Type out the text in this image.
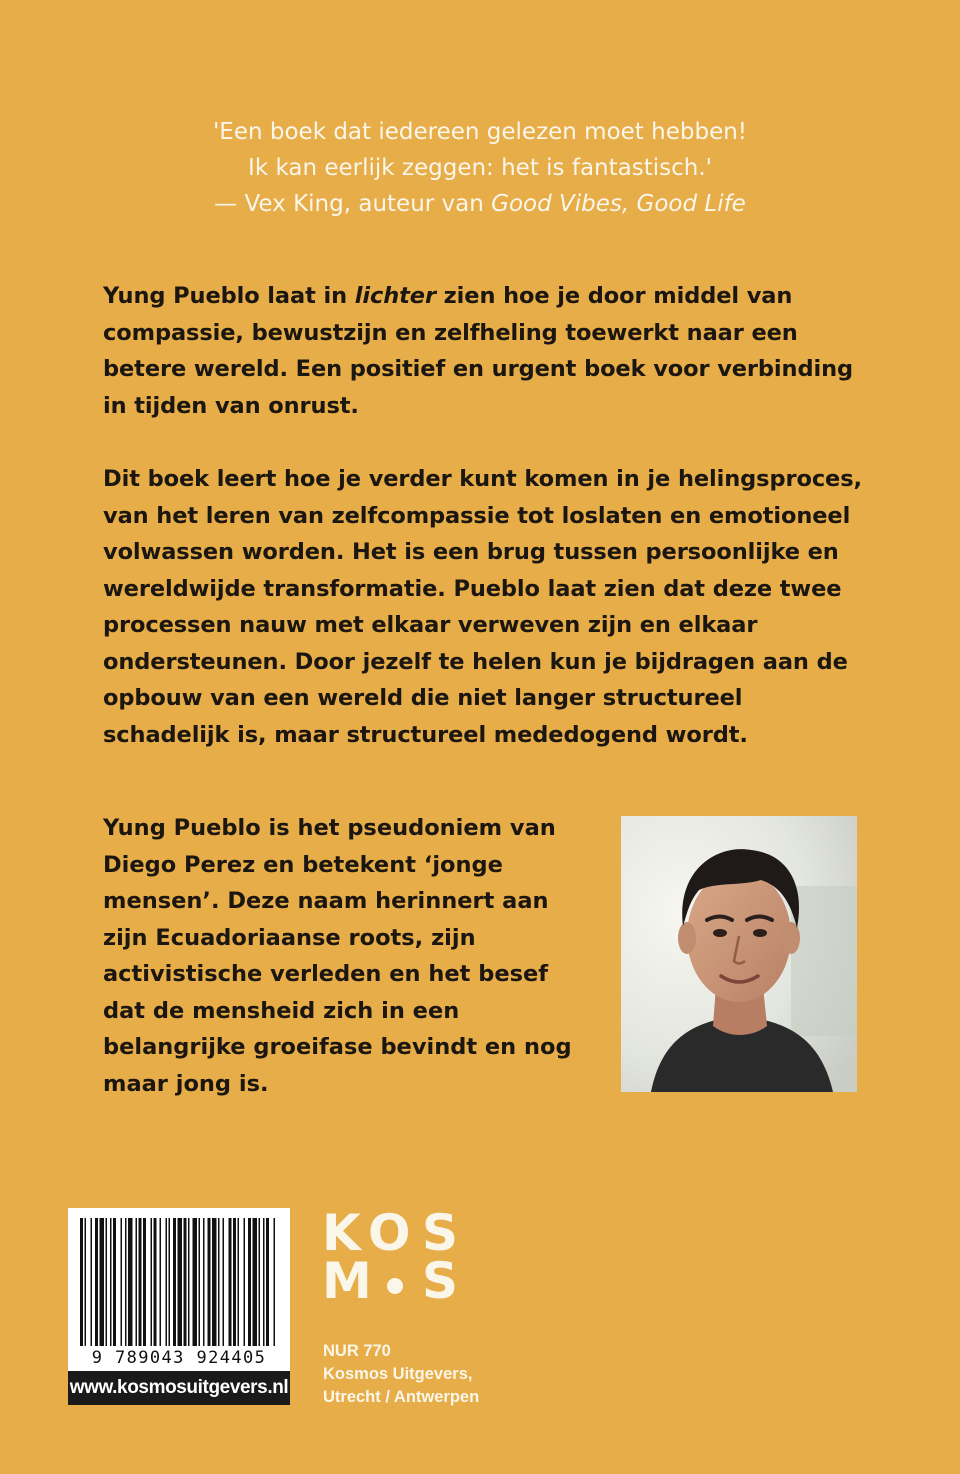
'Een boek dat iedereen gelezen moet hebben!
Ik kan eerlijk zeggen: het is fantastisch.'
— Vex King, auteur van Good Vibes, Good Life
Yung Pueblo laat in lichter zien hoe je door middel van compassie, bewustzijn en zelfheling toewerkt naar een betere wereld. Een positief en urgent boek voor verbinding in tijden van onrust.
Dit boek leert hoe je verder kunt komen in je helingsproces, van het leren van zelfcompassie tot loslaten en emotioneel volwassen worden. Het is een brug tussen persoonlijke en wereldwijde transformatie. Pueblo laat zien dat deze twee processen nauw met elkaar verweven zijn en elkaar ondersteunen. Door jezelf te helen kun je bijdragen aan de opbouw van een wereld die niet langer structureel schadelijk is, maar structureel mededogend wordt.
Yung Pueblo is het pseudoniem van Diego Perez en betekent ‘jonge mensen’. Deze naam herinnert aan zijn Ecuadoriaanse roots, zijn activistische verleden en het besef dat de mensheid zich in een belangrijke groeifase bevindt en nog maar jong is.
9 789043 924405
www.kosmosuitgevers.nl
K O S
M S
NUR 770
Kosmos Uitgevers,
Utrecht / Antwerpen
